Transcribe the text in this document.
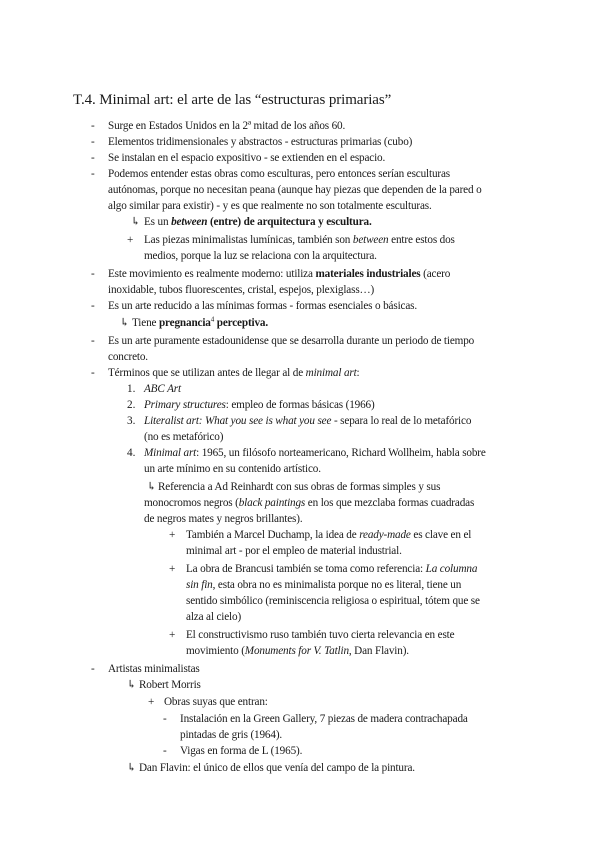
T.4. Minimal art: el arte de las “estructuras primarias”
- Surge en Estados Unidos en la 2ª mitad de los años 60.
- Elementos tridimensionales y abstractos - estructuras primarias (cubo)
- Se instalan en el espacio expositivo - se extienden en el espacio.
- Podemos entender estas obras como esculturas, pero entonces serían esculturas
autónomas, porque no necesitan peana (aunque hay piezas que dependen de la pared o
algo similar para existir) - y es que realmente no son totalmente esculturas.
↳ Es un between (entre) de arquitectura y escultura.
+ Las piezas minimalistas lumínicas, también son between entre estos dos
medios, porque la luz se relaciona con la arquitectura.
- Este movimiento es realmente moderno: utiliza materiales industriales (acero
inoxidable, tubos fluorescentes, cristal, espejos, plexiglass…)
- Es un arte reducido a las mínimas formas - formas esenciales o básicas.
↳ Tiene pregnancia$^4$ perceptiva.
- Es un arte puramente estadounidense que se desarrolla durante un periodo de tiempo
concreto.
- Términos que se utilizan antes de llegar al de minimal art:
1. ABC Art
2. Primary structures: empleo de formas básicas (1966)
3. Literalist art: What you see is what you see - separa lo real de lo metafórico
(no es metafórico)
4. Minimal art: 1965, un filósofo norteamericano, Richard Wollheim, habla sobre
un arte mínimo en su contenido artístico.
↳ Referencia a Ad Reinhardt con sus obras de formas simples y sus
monocromos negros (black paintings en los que mezclaba formas cuadradas
de negros mates y negros brillantes).
+ También a Marcel Duchamp, la idea de ready-made es clave en el
minimal art - por el empleo de material industrial.
+ La obra de Brancusi también se toma como referencia: La columna
sin fin, esta obra no es minimalista porque no es literal, tiene un
sentido simbólico (reminiscencia religiosa o espiritual, tótem que se
alza al cielo)
+ El constructivismo ruso también tuvo cierta relevancia en este
movimiento (Monuments for V. Tatlin, Dan Flavin).
- Artistas minimalistas
↳ Robert Morris
+ Obras suyas que entran:
- Instalación en la Green Gallery, 7 piezas de madera contrachapada
pintadas de gris (1964).
- Vigas en forma de L (1965).
↳ Dan Flavin: el único de ellos que venía del campo de la pintura.
